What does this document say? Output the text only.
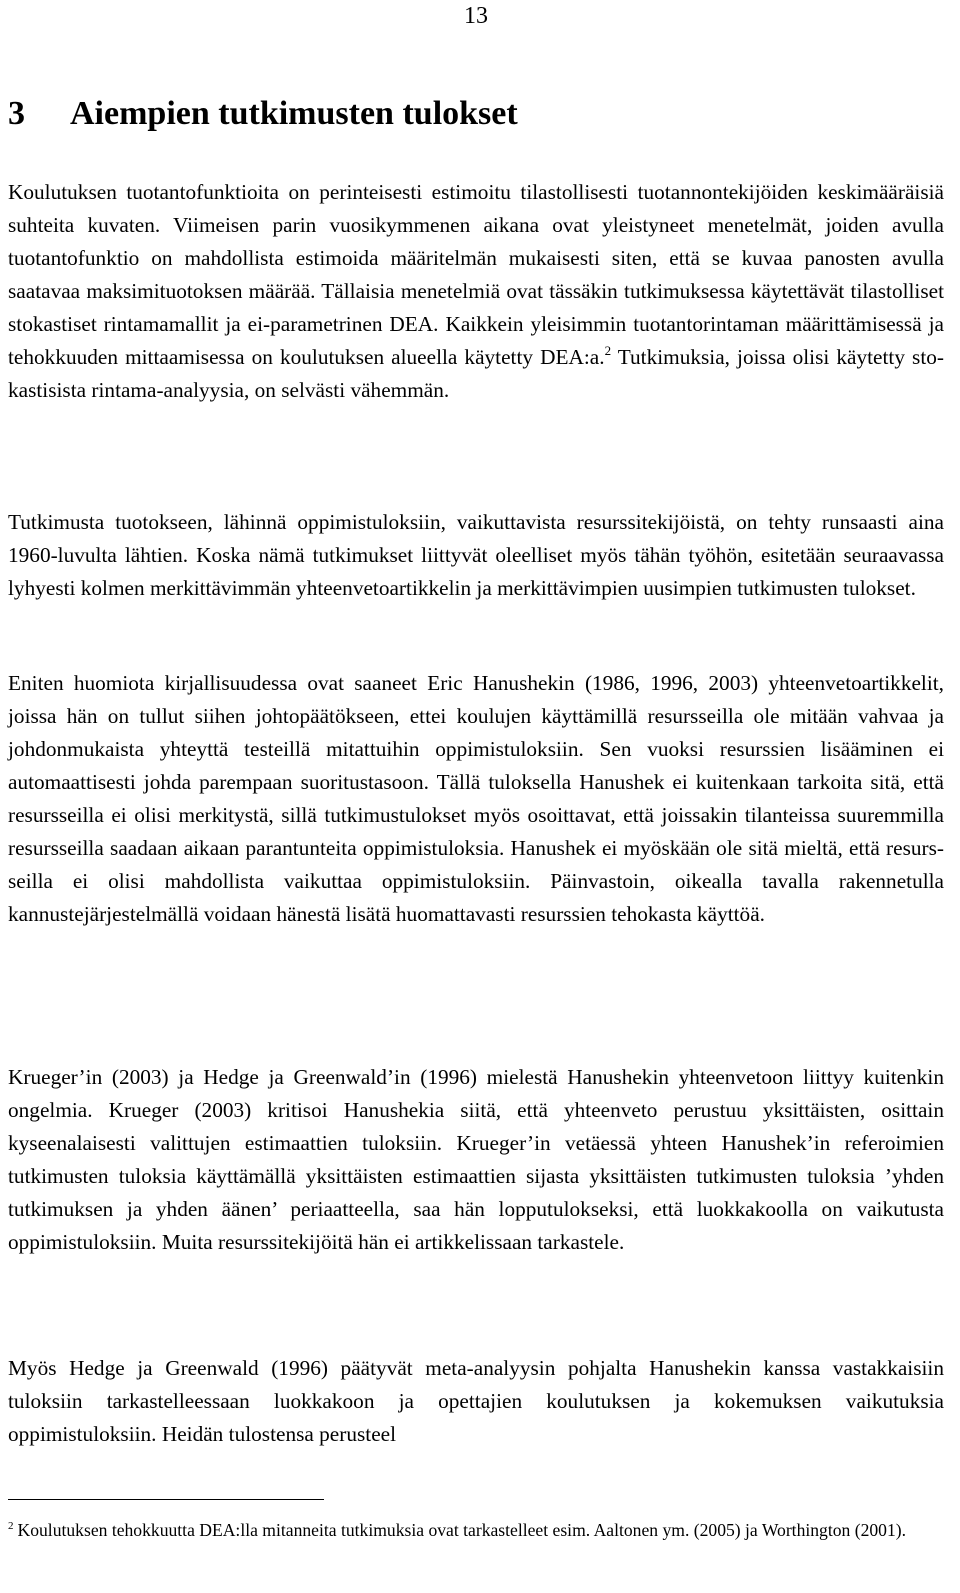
13
3 Aiempien tutkimusten tulokset

Koulutuksen tuotantofunktioita on perinteisesti estimoitu tilastollisesti tuotannontekijöiden keskimääräisiä suhteita kuvaten. Viimeisen parin vuosikymmenen aikana ovat yleistyneet menetelmät, joiden avulla tuotantofunktio on mahdollista estimoida määritelmän mukaisesti siten, että se kuvaa panosten avulla saatavaa maksimituotoksen määrää. Tällaisia menetelmiä ovat tässäkin tutkimuksessa käytettävät tilastolliset stokastiset rintamamallit ja ei-parametrinen DEA. Kaikkein yleisimmin tuotantorintaman määrittämisessä ja tehokkuuden mittaamisessa on koulutuksen alueella käytetty DEA:a.$^2$ Tutkimuksia, joissa olisi käytetty stokastisista rintama-analyysia, on selvästi vähemmän.

Tutkimusta tuotokseen, lähinnä oppimistuloksiin, vaikuttavista resurssitekijöistä, on tehty runsaasti aina 1960-luvulta lähtien. Koska nämä tutkimukset liittyvät oleelliset myös tähän työhön, esitetään seuraavassa lyhyesti kolmen merkittävimmän yhteenvetoartikkelin ja merkittävimpien uusimpien tutkimusten tulokset.

Eniten huomiota kirjallisuudessa ovat saaneet Eric Hanushekin (1986, 1996, 2003) yhteenvetoartikkelit, joissa hän on tullut siihen johtopäätökseen, ettei koulujen käyttämillä resursseilla ole mitään vahvaa ja johdonmukaista yhteyttä testeillä mitattuihin oppimistuloksiin. Sen vuoksi resurssien lisääminen ei automaattisesti johda parempaan suoritustasoon. Tällä tuloksella Hanushek ei kuitenkaan tarkoita sitä, että resursseilla ei olisi merkitystä, sillä tutkimustulokset myös osoittavat, että joissakin tilanteissa suuremmilla resursseilla saadaan aikaan parantunteita oppimistuloksia. Hanushek ei myöskään ole sitä mieltä, että resursseilla ei olisi mahdollista vaikuttaa oppimistuloksiin. Päinvastoin, oikealla tavalla rakennetulla kannustejärjestelmällä voidaan hänestä lisätä huomattavasti resurssien tehokasta käyttöä.

Krueger’in (2003) ja Hedge ja Greenwald’in (1996) mielestä Hanushekin yhteenvetoon liittyy kuitenkin ongelmia. Krueger (2003) kritisoi Hanushekia siitä, että yhteenveto perustuu yksittäisten, osittain kyseenalaisesti valittujen estimaattien tuloksiin. Krueger’in vetäessä yhteen Hanushek’in referoimien tutkimusten tuloksia käyttämällä yksittäisten estimaattien sijasta yksittäisten tutkimusten tuloksia ’yhden tutkimuksen ja yhden äänen’ periaatteella, saa hän lopputulokseksi, että luokkakoolla on vaikutusta oppimistuloksiin. Muita resurssitekijöitä hän ei artikkelissaan tarkastele.

Myös Hedge ja Greenwald (1996) päätyvät meta-analyysin pohjalta Hanushekin kanssa vastakkaisiin tuloksiin tarkastelleessaan luokkakoon ja opettajien koulutuksen ja kokemuksen vaikutuksia oppimistuloksiin. Heidän tulostensa perusteel

$^2$ Koulutuksen tehokkuutta DEA:lla mitanneita tutkimuksia ovat tarkastelleet esim. Aaltonen ym. (2005) ja Worthington (2001).
